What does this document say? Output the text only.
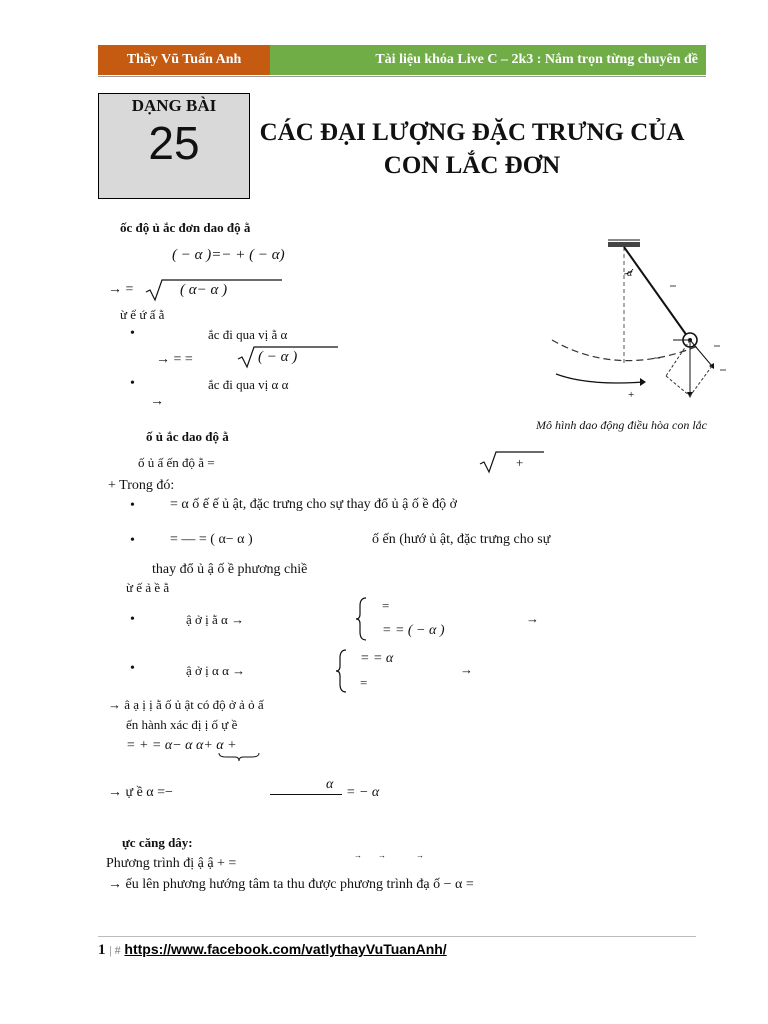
Thầy Vũ Tuấn Anh	Tài liệu khóa Live C – 2k3 : Nắm trọn từng chuyên đề
DẠNG BÀI
25	CÁC ĐẠI LƯỢNG ĐẶC TRƯNG CỦA
CON LẮC ĐƠN
ốc độ ủ ắc đơn dao độ ằ
( − α )=− + ( − α)
→ =	( α− α )
ừ ể ứ ấ ằ
•	ắc đi qua vị ằ α
→ = =	( − α )
•	ắc đi qua vị α α
→
ố ủ ắc dao độ ằ
ố ủ ấ ến độ ằ =	+
+ Trong đó:
•	= α ố ế ế ủ ật, đặc trưng cho sự thay đổ ủ ậ ố ề độ ở
•	= — = ( α− α )	ố ến (hướ ủ ật, đặc trưng cho sự
thay đổ ủ ậ ố ề phương chiề
ừ ế ả ề ằ
•	ậ ở ị ằ α →
=
= = ( − α )
→
•	ậ ở ị α α →
= = α
=
→
→ â ạ ị ị ằ ố ủ ật có độ ở ả ỏ ấ
ến hành xác đị ị ố ự ề
= + = α− α α+ α +
→ ự ề α =−
α
= − α
ực căng dây:
Phương trình đị ậ ậ + =
→ →	→
→ ếu lên phương hướng tâm ta thu được phương trình đạ ố − α =
α
+
Mô hình dao động điều hòa con lắc
1 | # https://www.facebook.com/vatlythayVuTuanAnh/
